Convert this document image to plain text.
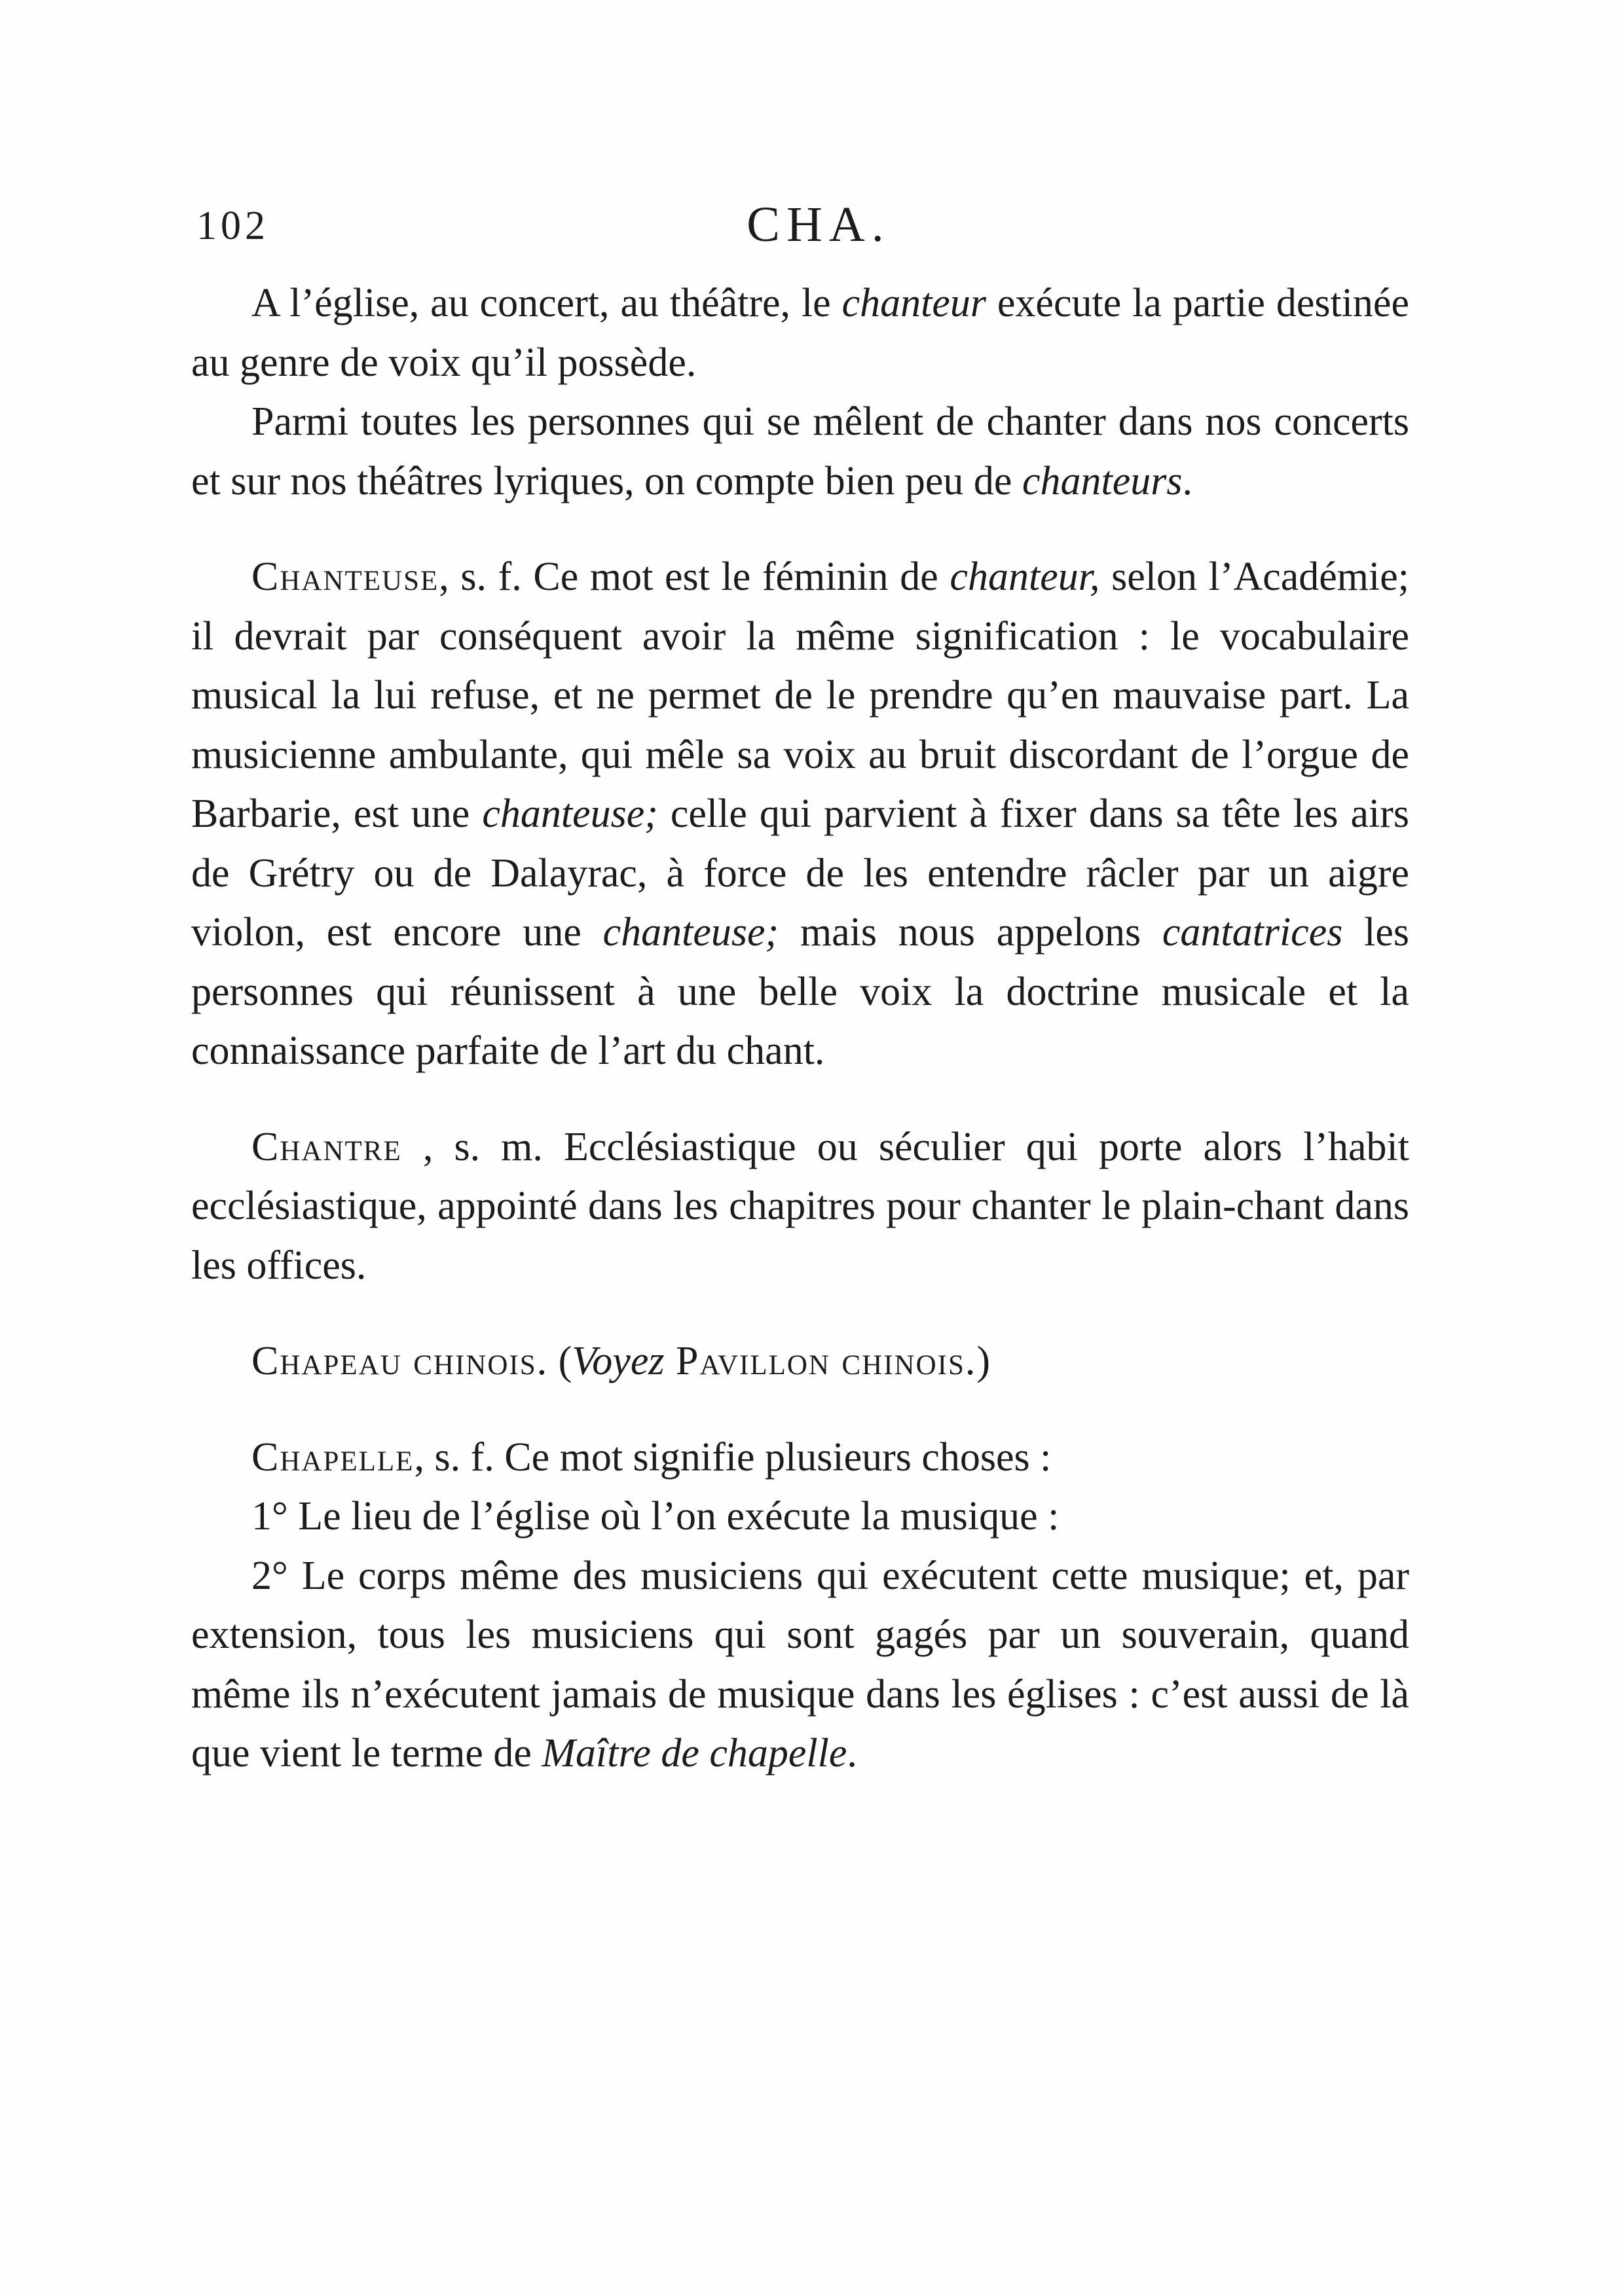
102	CHA.

A l’église, au concert, au théâtre, le chanteur exécute la partie destinée au genre de voix qu’il possède.

Parmi toutes les personnes qui se mêlent de chanter dans nos concerts et sur nos théâtres lyriques, on compte bien peu de chanteurs.

Chanteuse, s. f. Ce mot est le féminin de chanteur, selon l’Académie; il devrait par conséquent avoir la même signification : le vocabulaire musical la lui refuse, et ne permet de le prendre qu’en mauvaise part. La musicienne ambulante, qui mêle sa voix au bruit discordant de l’orgue de Barbarie, est une chanteuse; celle qui parvient à fixer dans sa tête les airs de Grétry ou de Dalayrac, à force de les entendre râcler par un aigre violon, est encore une chanteuse; mais nous appelons cantatrices les personnes qui réunissent à une belle voix la doctrine musicale et la connaissance parfaite de l’art du chant.

Chantre , s. m. Ecclésiastique ou séculier qui porte alors l’habit ecclésiastique, appointé dans les chapitres pour chanter le plain-chant dans les offices.

Chapeau chinois. (Voyez Pavillon chinois.)

Chapelle, s. f. Ce mot signifie plusieurs choses :

1° Le lieu de l’église où l’on exécute la musique :

2° Le corps même des musiciens qui exécutent cette musique; et, par extension, tous les musiciens qui sont gagés par un souverain, quand même ils n’exécutent jamais de musique dans les églises : c’est aussi de là que vient le terme de Maître de chapelle.
